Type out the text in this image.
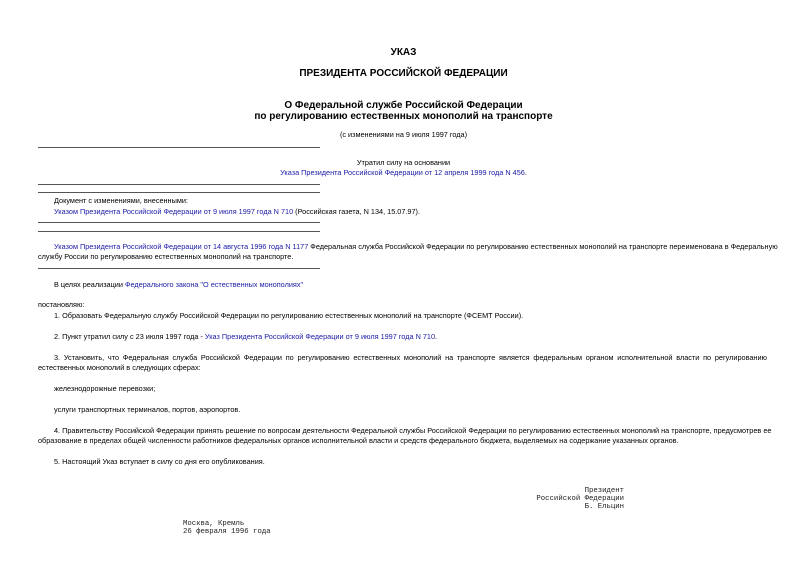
УКАЗ
ПРЕЗИДЕНТА РОССИЙСКОЙ ФЕДЕРАЦИИ
О Федеральной службе Российской Федерации
по регулированию естественных монополий на транспорте
(с изменениями на 9 июля 1997 года)
Утратил силу на основании
Указа Президента Российской Федерации от 12 апреля 1999 года N 456.
Документ с изменениями, внесенными:
Указом Президента Российской Федерации от 9 июля 1997 года N 710 (Российская газета, N 134, 15.07.97).
Указом Президента Российской Федерации от 14 августа 1996 года N 1177 Федеральная служба Российской Федерации по регулированию естественных монополий на транспорте переименована в Федеральную
службу России по регулированию естественных монополий на транспорте.
В целях реализации Федерального закона "О естественных монополиях"
постановляю:
1. Образовать Федеральную службу Российской Федерации по регулированию естественных монополий на транспорте (ФСЕМТ России).
2. Пункт утратил силу с 23 июля 1997 года - Указ Президента Российской Федерации от 9 июля 1997 года N 710.
3. Установить, что Федеральная служба Российской Федерации по регулированию естественных монополий на транспорте является федеральным органом исполнительной власти по регулированию
естественных монополий в следующих сферах:
железнодорожные перевозки;
услуги транспортных терминалов, портов, аэропортов.
4. Правительству Российской Федерации принять решение по вопросам деятельности Федеральной службы Российской Федерации по регулированию естественных монополий на транспорте, предусмотрев ее
образование в пределах общей численности работников федеральных органов исполнительной власти и средств федерального бюджета, выделяемых на содержание указанных органов.
5. Настоящий Указ вступает в силу со дня его опубликования.
Президент
Российской Федерации
Б. Ельцин
Москва, Кремль
26 февраля 1996 года
